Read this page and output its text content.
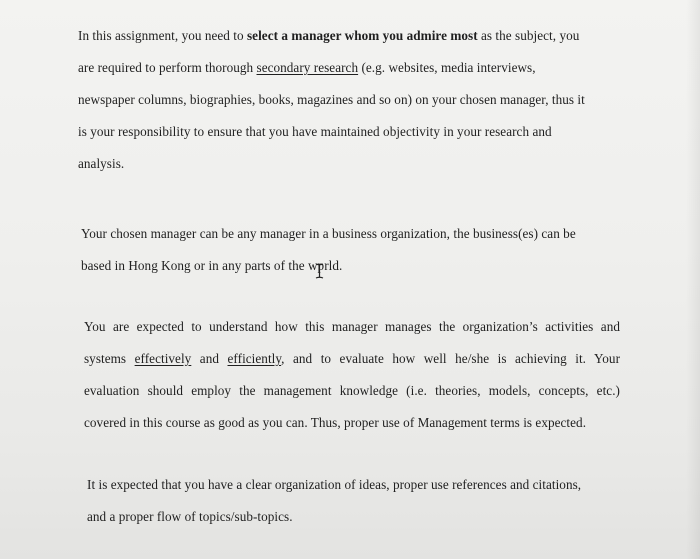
In this assignment, you need to select a manager whom you admire most as the subject, you
are required to perform thorough secondary research (e.g. websites, media interviews,
newspaper columns, biographies, books, magazines and so on) on your chosen manager, thus it
is your responsibility to ensure that you have maintained objectivity in your research and
analysis.

Your chosen manager can be any manager in a business organization, the business(es) can be
based in Hong Kong or in any parts of the wprld.

You are expected to understand how this manager manages the organization’s activities and
systems effectively and efficiently, and to evaluate how well he/she is achieving it. Your
evaluation should employ the management knowledge (i.e. theories, models, concepts, etc.)
covered in this course as good as you can. Thus, proper use of Management terms is expected.

It is expected that you have a clear organization of ideas, proper use references and citations,
and a proper flow of topics/sub-topics.
